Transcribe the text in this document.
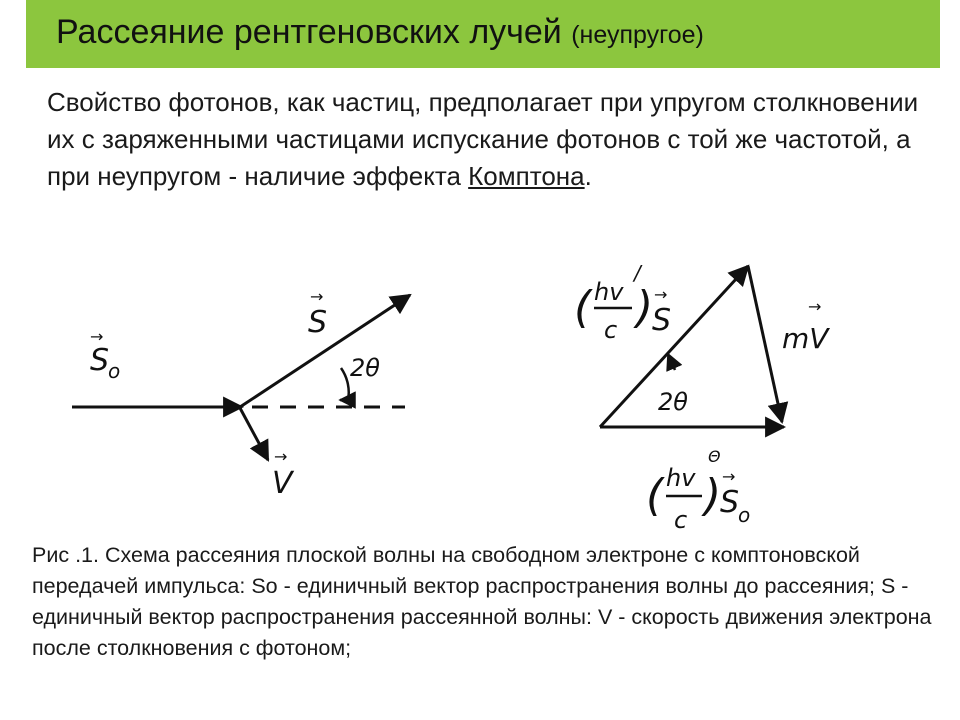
Рассеяние рентгеновских лучей (неупругое)
Свойство фотонов, как частиц, предполагает при упругом столкновении их с заряженными частицами испускание фотонов с той же частотой, а при неупругом - наличие эффекта Комптона.
S
o
→	S
→
2θ
V
→
( hv
/
c )
S
→
mV
→
2θ
Θ
( hv
c )
S
o
→
Рис .1. Схема рассеяния плоской волны на свободном электроне с комптоновской передачей импульса: So - единичный вектор распространения волны до рассеяния; S - единичный вектор распространения рассеянной волны: V - скорость движения электрона после столкновения с фотоном;
